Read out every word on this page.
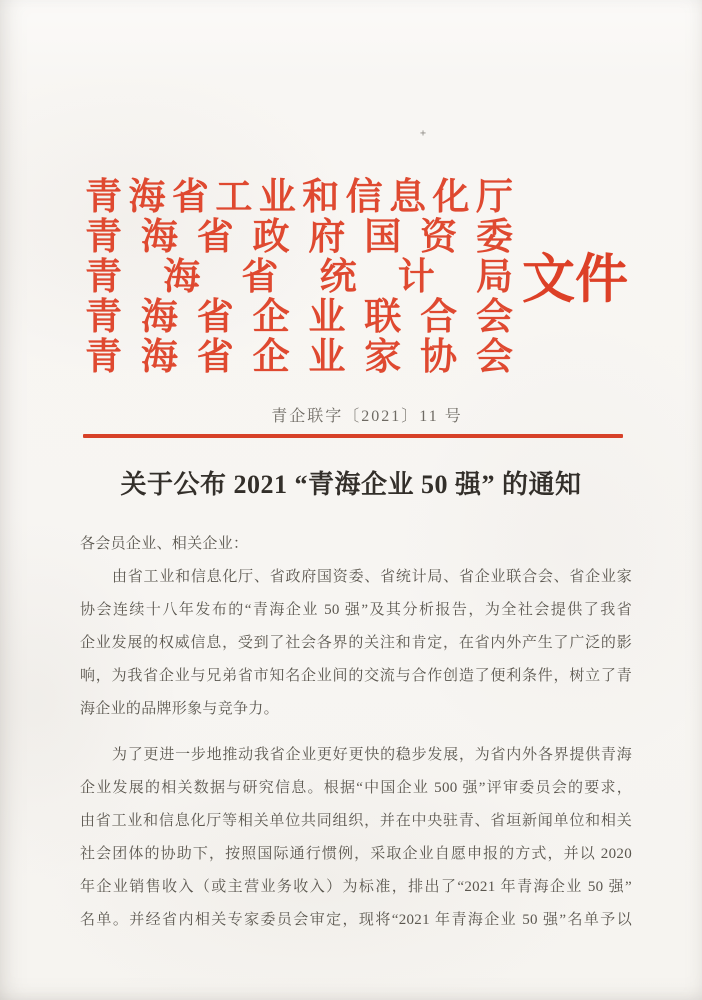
+
青海省工业和信息化厅
青海省政府国资委
青海省统计局
青海省企业联合会
青海省企业家协会
文件
青企联字〔2021〕11 号
关于公布 2021 “青海企业 50 强” 的通知
各会员企业、相关企业：
由省工业和信息化厅、省政府国资委、省统计局、省企业联合会、省企业家
协会连续十八年发布的“青海企业 50 强”及其分析报告，为全社会提供了我省
企业发展的权威信息，受到了社会各界的关注和肯定，在省内外产生了广泛的影
响，为我省企业与兄弟省市知名企业间的交流与合作创造了便利条件，树立了青
海企业的品牌形象与竞争力。
为了更进一步地推动我省企业更好更快的稳步发展，为省内外各界提供青海
企业发展的相关数据与研究信息。根据“中国企业 500 强”评审委员会的要求，
由省工业和信息化厅等相关单位共同组织，并在中央驻青、省垣新闻单位和相关
社会团体的协助下，按照国际通行惯例，采取企业自愿申报的方式，并以 2020
年企业销售收入（或主营业务收入）为标准，排出了“2021 年青海企业 50 强”
名单。并经省内相关专家委员会审定，现将“2021 年青海企业 50 强”名单予以
